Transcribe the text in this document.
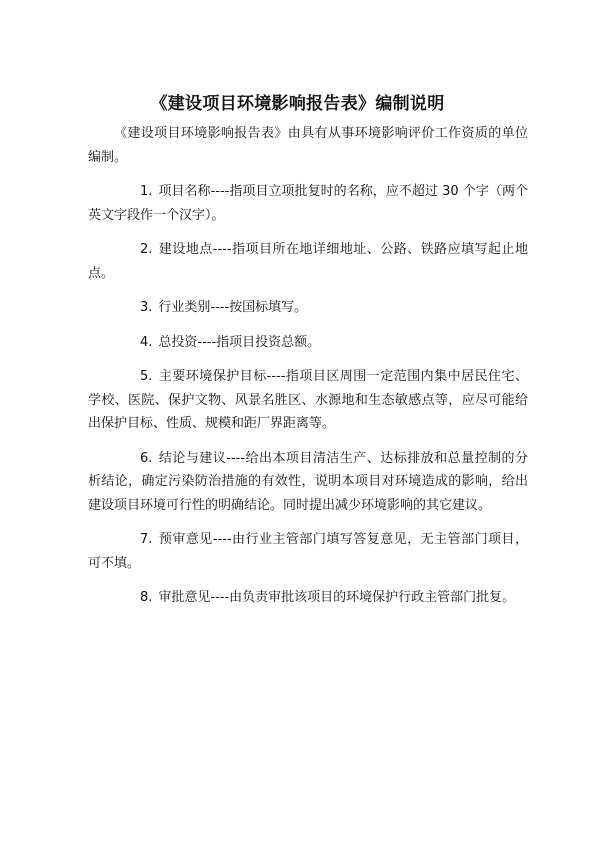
《建设项目环境影响报告表》编制说明

《建设项目环境影响报告表》由具有从事环境影响评价工作资质的单位编制。

1. 项目名称----指项目立项批复时的名称，应不超过 30 个字（两个英文字段作一个汉字）。

2. 建设地点----指项目所在地详细地址、公路、铁路应填写起止地点。

3. 行业类别----按国标填写。

4. 总投资----指项目投资总额。

5. 主要环境保护目标----指项目区周围一定范围内集中居民住宅、学校、医院、保护文物、风景名胜区、水源地和生态敏感点等，应尽可能给出保护目标、性质、规模和距厂界距离等。

6. 结论与建议----给出本项目清洁生产、达标排放和总量控制的分析结论，确定污染防治措施的有效性，说明本项目对环境造成的影响，给出建设项目环境可行性的明确结论。同时提出减少环境影响的其它建议。

7. 预审意见----由行业主管部门填写答复意见，无主管部门项目，可不填。

8. 审批意见----由负责审批该项目的环境保护行政主管部门批复。
